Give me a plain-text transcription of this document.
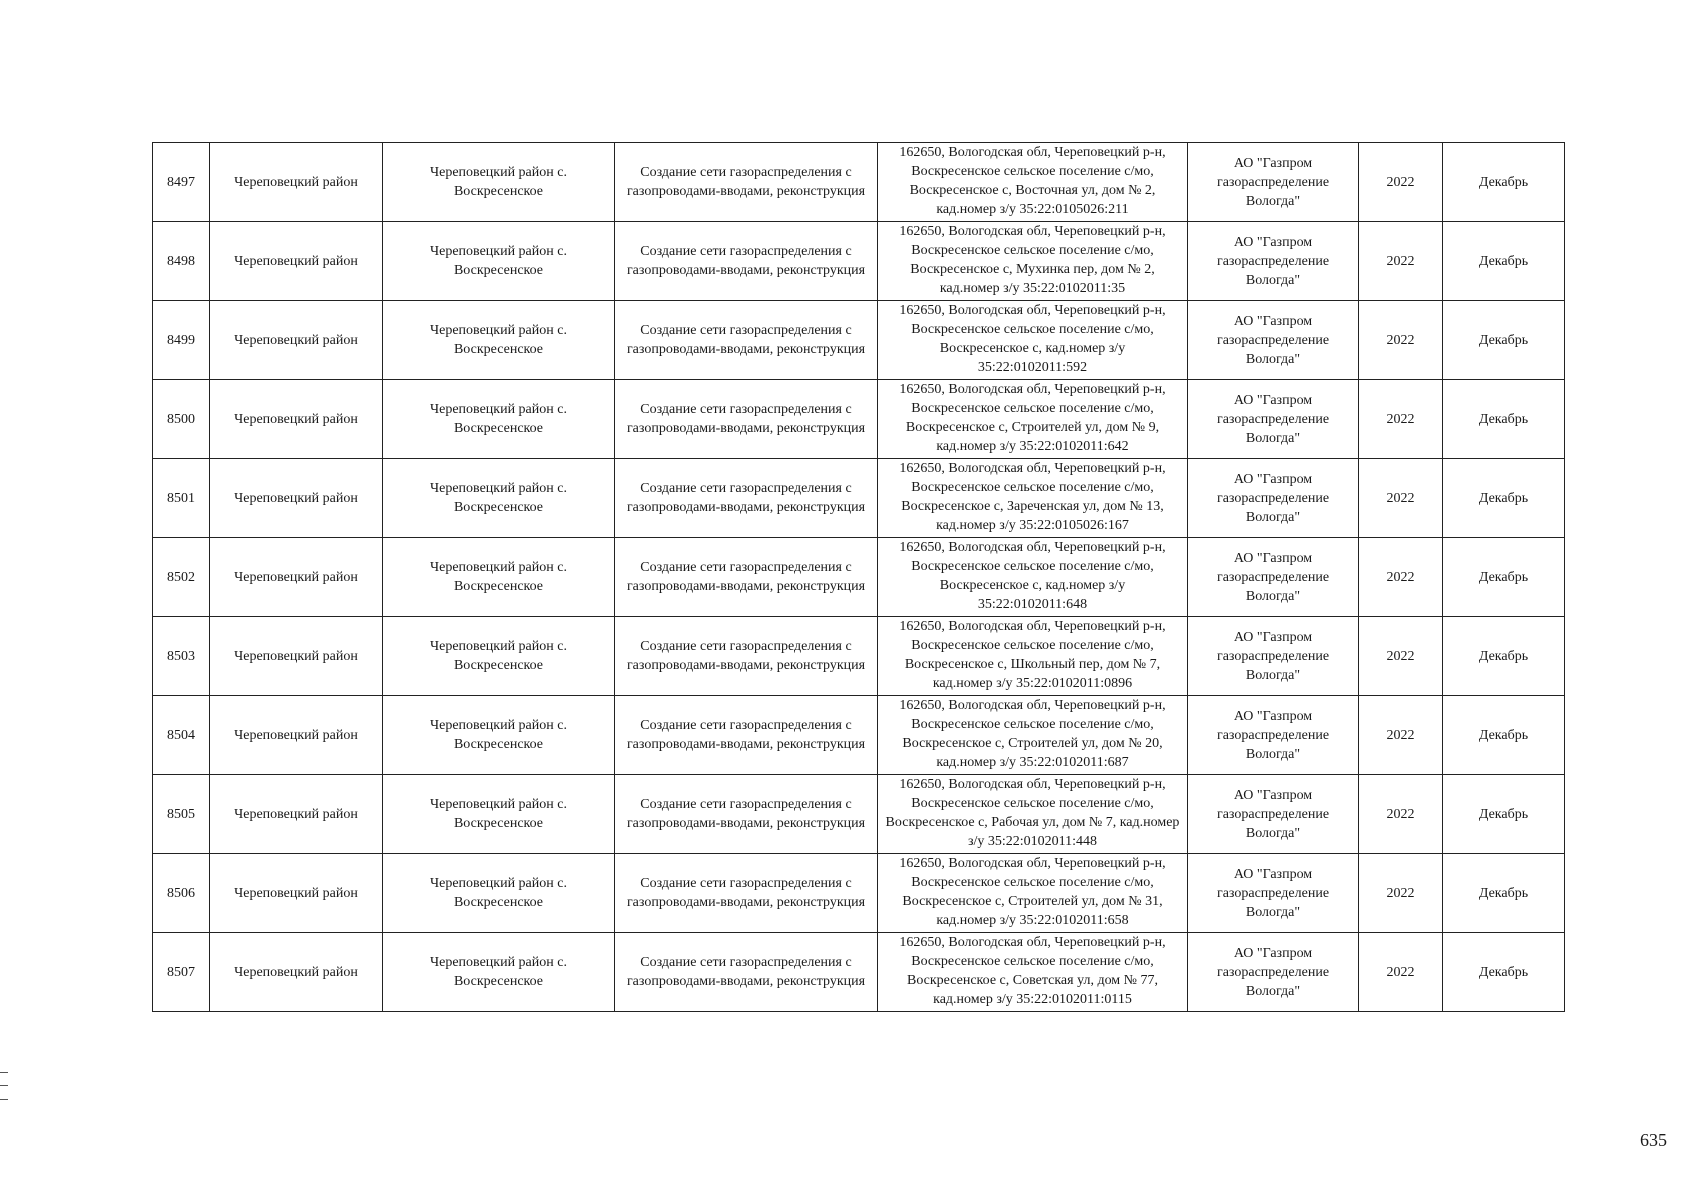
8497	Череповецкий район	Череповецкий район с. Воскресенское	Создание сети газораспределения с газопроводами-вводами, реконструкция	162650, Вологодская обл, Череповецкий р-н, Воскресенское сельское поселение с/мо, Воскресенское с, Восточная ул, дом № 2, кад.номер з/у 35:22:0105026:211	АО "Газпром газораспределение Вологда"	2022	Декабрь
8498	Череповецкий район	Череповецкий район с. Воскресенское	Создание сети газораспределения с газопроводами-вводами, реконструкция	162650, Вологодская обл, Череповецкий р-н, Воскресенское сельское поселение с/мо, Воскресенское с, Мухинка пер, дом № 2, кад.номер з/у 35:22:0102011:35	АО "Газпром газораспределение Вологда"	2022	Декабрь
8499	Череповецкий район	Череповецкий район с. Воскресенское	Создание сети газораспределения с газопроводами-вводами, реконструкция	162650, Вологодская обл, Череповецкий р-н, Воскресенское сельское поселение с/мо, Воскресенское с, кад.номер з/у 35:22:0102011:592	АО "Газпром газораспределение Вологда"	2022	Декабрь
8500	Череповецкий район	Череповецкий район с. Воскресенское	Создание сети газораспределения с газопроводами-вводами, реконструкция	162650, Вологодская обл, Череповецкий р-н, Воскресенское сельское поселение с/мо, Воскресенское с, Строителей ул, дом № 9, кад.номер з/у 35:22:0102011:642	АО "Газпром газораспределение Вологда"	2022	Декабрь
8501	Череповецкий район	Череповецкий район с. Воскресенское	Создание сети газораспределения с газопроводами-вводами, реконструкция	162650, Вологодская обл, Череповецкий р-н, Воскресенское сельское поселение с/мо, Воскресенское с, Зареченская ул, дом № 13, кад.номер з/у 35:22:0105026:167	АО "Газпром газораспределение Вологда"	2022	Декабрь
8502	Череповецкий район	Череповецкий район с. Воскресенское	Создание сети газораспределения с газопроводами-вводами, реконструкция	162650, Вологодская обл, Череповецкий р-н, Воскресенское сельское поселение с/мо, Воскресенское с, кад.номер з/у 35:22:0102011:648	АО "Газпром газораспределение Вологда"	2022	Декабрь
8503	Череповецкий район	Череповецкий район с. Воскресенское	Создание сети газораспределения с газопроводами-вводами, реконструкция	162650, Вологодская обл, Череповецкий р-н, Воскресенское сельское поселение с/мо, Воскресенское с, Школьный пер, дом № 7, кад.номер з/у 35:22:0102011:0896	АО "Газпром газораспределение Вологда"	2022	Декабрь
8504	Череповецкий район	Череповецкий район с. Воскресенское	Создание сети газораспределения с газопроводами-вводами, реконструкция	162650, Вологодская обл, Череповецкий р-н, Воскресенское сельское поселение с/мо, Воскресенское с, Строителей ул, дом № 20, кад.номер з/у 35:22:0102011:687	АО "Газпром газораспределение Вологда"	2022	Декабрь
8505	Череповецкий район	Череповецкий район с. Воскресенское	Создание сети газораспределения с газопроводами-вводами, реконструкция	162650, Вологодская обл, Череповецкий р-н, Воскресенское сельское поселение с/мо, Воскресенское с, Рабочая ул, дом № 7, кад.номер з/у 35:22:0102011:448	АО "Газпром газораспределение Вологда"	2022	Декабрь
8506	Череповецкий район	Череповецкий район с. Воскресенское	Создание сети газораспределения с газопроводами-вводами, реконструкция	162650, Вологодская обл, Череповецкий р-н, Воскресенское сельское поселение с/мо, Воскресенское с, Строителей ул, дом № 31, кад.номер з/у 35:22:0102011:658	АО "Газпром газораспределение Вологда"	2022	Декабрь
8507	Череповецкий район	Череповецкий район с. Воскресенское	Создание сети газораспределения с газопроводами-вводами, реконструкция	162650, Вологодская обл, Череповецкий р-н, Воскресенское сельское поселение с/мо, Воскресенское с, Советская ул, дом № 77, кад.номер з/у 35:22:0102011:0115	АО "Газпром газораспределение Вологда"	2022	Декабрь
635
